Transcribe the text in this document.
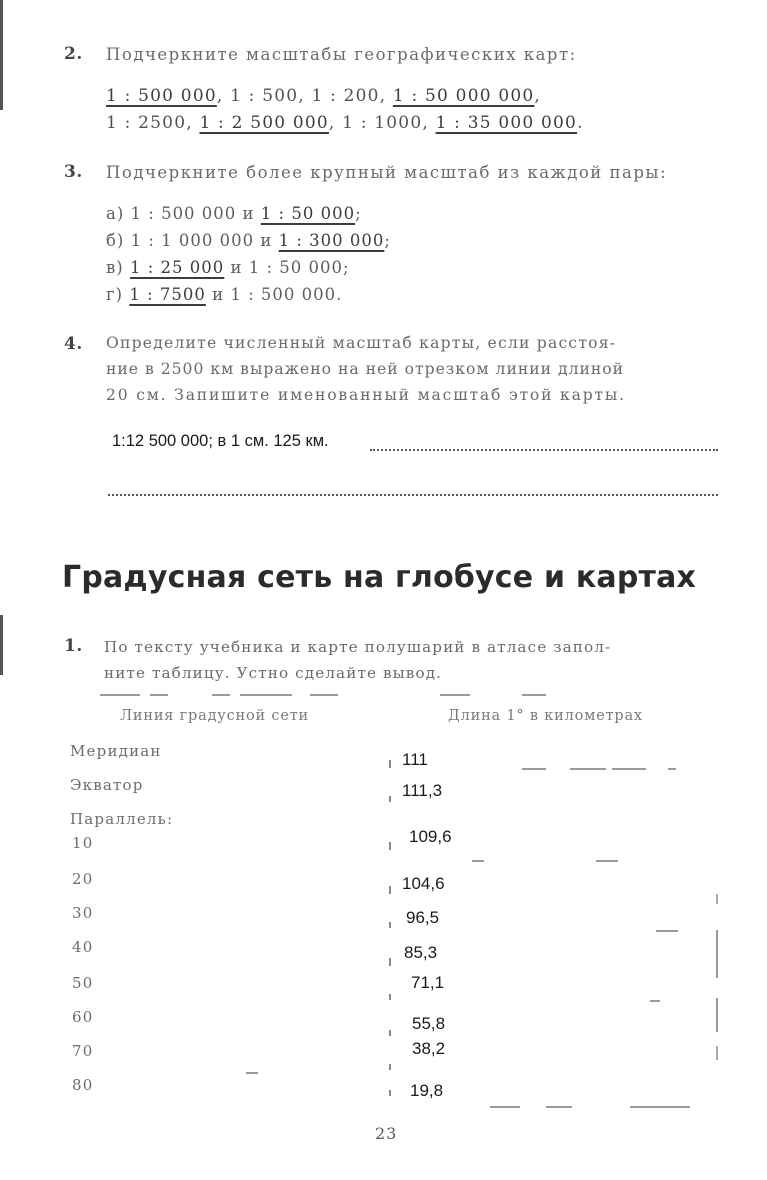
2. Подчеркните масштабы географических карт:
1 : 500 000, 1 : 500, 1 : 200, 1 : 50 000 000,
1 : 2500, 1 : 2 500 000, 1 : 1000, 1 : 35 000 000.
3. Подчеркните более крупный масштаб из каждой пары:
а) 1 : 500 000 и 1 : 50 000;
б) 1 : 1 000 000 и 1 : 300 000;
в) 1 : 25 000 и 1 : 50 000;
г) 1 : 7500 и 1 : 500 000.
4. Определите численный масштаб карты, если расстоя-
ние в 2500 км выражено на ней отрезком линии длиной
20 см. Запишите именованный масштаб этой карты.
1:12 500 000; в 1 см. 125 км.
Градусная сеть на глобусе и картах
1. По тексту учебника и карте полушарий в атласе запол-
ните таблицу. Устно сделайте вывод.
Линия градусной сети	Длина 1° в километрах
Меридиан
Экватор
Параллель:
10
20
30
40
50
60
70
80
111
111,3
109,6
104,6
96,5
85,3
71,1
55,8
38,2
19,8
23
